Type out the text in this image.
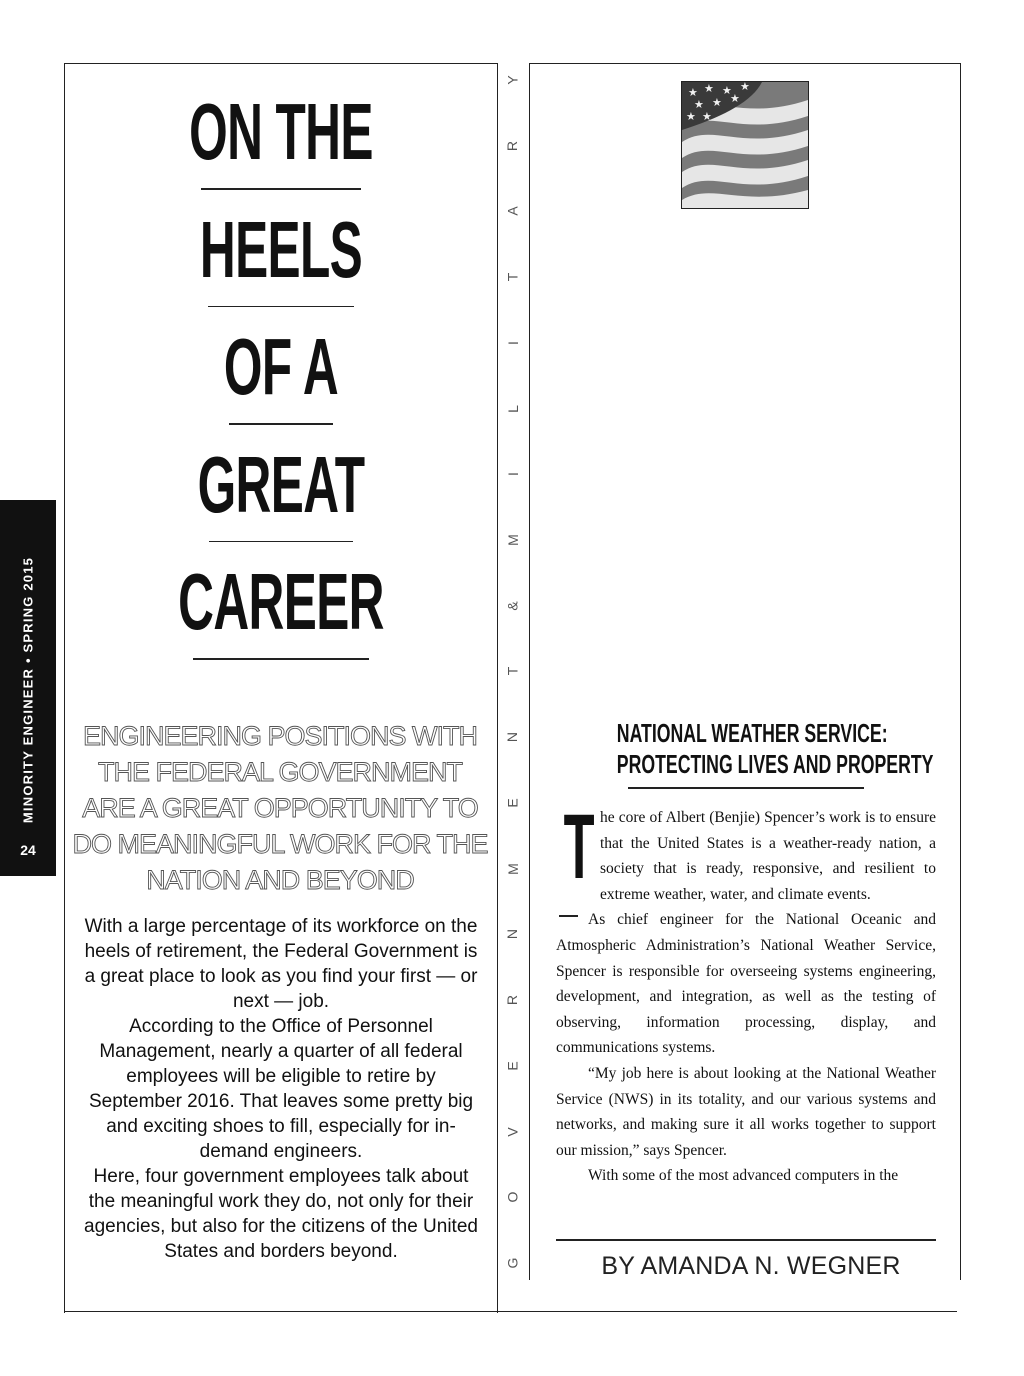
MINORITY ENGINEER • SPRING 2015
24
G
O
V
E
R
N
M
E
N
T
&
M
I
L
I
T
A
R
Y
ON THE
HEELS
OF A
GREAT
CAREER
ENGINEERING POSITIONS WITH THE FEDERAL GOVERNMENT ARE A GREAT OPPORTUNITY TO DO MEANINGFUL WORK FOR THE NATION AND BEYOND
With a large percentage of its workforce on the heels of retirement, the Federal Government is a great place to look as you find your first — or next — job.
According to the Office of Personnel Management, nearly a quarter of all federal employees will be eligible to retire by September 2016. That leaves some pretty big and exciting shoes to fill, especially for in-demand engineers.
Here, four government employees talk about the meaningful work they do, not only for their agencies, but also for the citizens of the United States and borders beyond.
★ ★ ★ ★
★ ★ ★
★ ★
NATIONAL WEATHER SERVICE:
PROTECTING LIVES AND PROPERTY

The core of Albert (Benjie) Spencer’s work is to ensure that the United States is a weather-ready nation, a society that is ready, responsive, and resilient to extreme weather, water, and climate events.

As chief engineer for the National Oceanic and Atmospheric Administration’s National Weather Service, Spencer is responsible for overseeing systems engineering, development, and integration, as well as the testing of observing, information processing, display, and communications systems.

“My job here is about looking at the National Weather Service (NWS) in its totality, and our various systems and networks, and making sure it all works together to support our mission,” says Spencer.

With some of the most advanced computers in the

BY AMANDA N. WEGNER
